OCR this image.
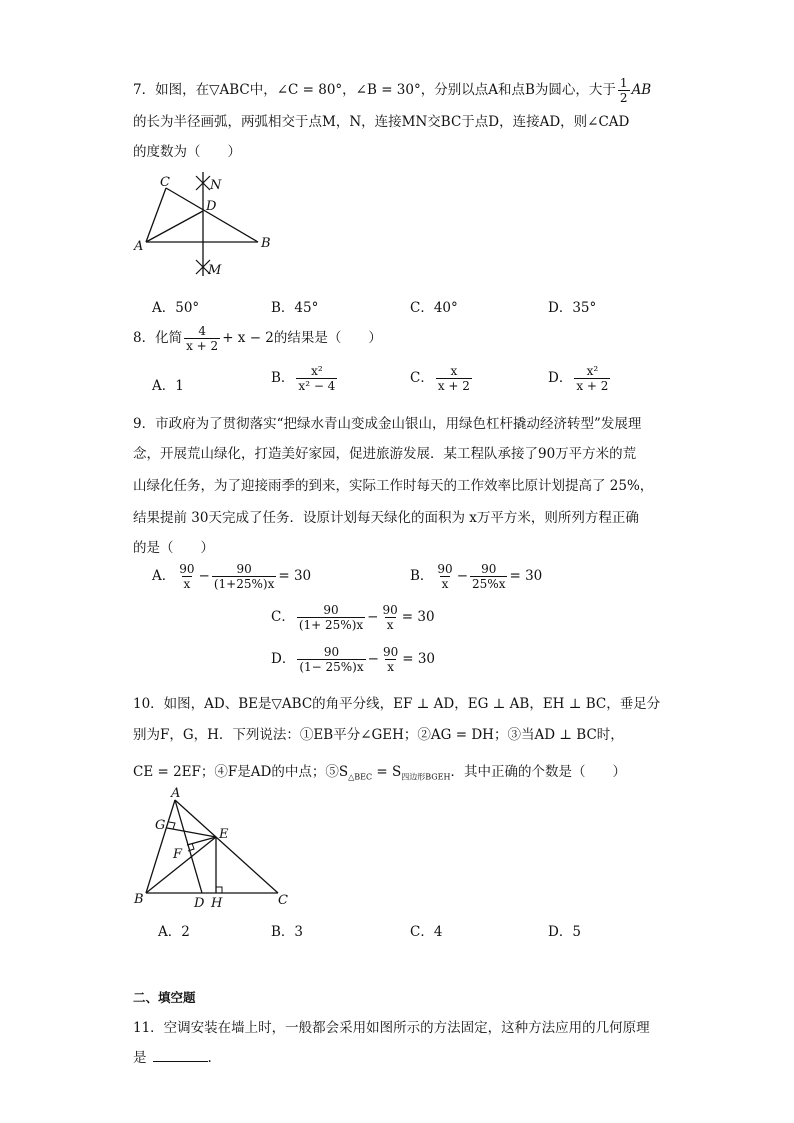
7．如图，在▽ABC中，∠C = 80°，∠B = 30°，分别以点A和点B为圆心，大于 $\frac{1}{2}$ AB
的长为半径画弧，两弧相交于点M，N，连接MN交BC于点D，连接AD，则∠CAD
的度数为（　　）
C	N
D
A	B
M
A．50°	B．45°	C．40°	D．35°
8．化简 $\frac{4}{x + 2} + x - 2$的结果是（　　）
A．1	B． $\frac{\text{x²}}{\text{x² − 4}}$	C． $\frac{x}{x + 2}$	D． $\frac{\text{x²}}{x + 2}$
9．市政府为了贯彻落实“把绿水青山变成金山银山，用绿色杠杆撬动经济转型”发展理
念，开展荒山绿化，打造美好家园，促进旅游发展．某工程队承接了90万平方米的荒
山绿化任务，为了迎接雨季的到来，实际工作时每天的工作效率比原计划提高了 25%，
结果提前 30天完成了任务．设原计划每天绿化的面积为 x万平方米，则所列方程正确
的是（　　）
A． $\frac{90}{x} - \frac{90}{(1+25\%)x} = 30$	B． $\frac{90}{x} - \frac{90}{25\%x} = 30$
C． $\frac{90}{(1+ 25\%)x} - \frac{90}{x} = 30$
D． $\frac{90}{(1- 25\%)x} - \frac{90}{x} = 30$
10．如图，AD、BE是▽ABC的角平分线，EF ⊥ AD，EG ⊥ AB，EH ⊥ BC，垂足分
别为F，G，H．下列说法：①EB平分∠GEH；②AG = DH；③当AD ⊥ BC时，
CE = 2EF；④F是AD的中点；$⑤S_{\triangle BEC} = S_{四边形BGEH}$．其中正确的个数是（　　）
A
G
E
F
B	D H	C
A．2	B．3	C．4	D．5
二、填空题
11．空调安装在墙上时，一般都会采用如图所示的方法固定，这种方法应用的几何原理
是	.
